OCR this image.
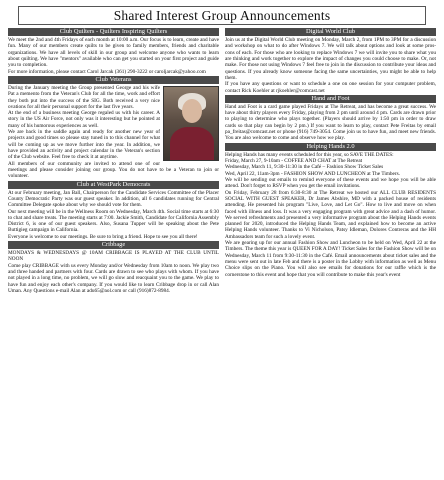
Shared Interest Group Announcements
Club Quilters - Quilters Inspiring Quilters
We meet the 2nd and 4th Fridays of each month at 10:00 a.m. Our focus is to learn, create and have fun. Many of our members create quilts to be given to family members, friends and charitable organizations. We have all levels of skill in our group and welcome anyone who wants to learn about quilting. We have "mentors" available who can get you started on your first project and guide you to completion.
For more information, please contact Carol Jarcak (361) 290-3222 or caroljarcak@yahoo.com
Club Veterans
During the January meeting the Group presented George and his wife Pat a memento from the Veteran's Club for all the time, work and effort they both put into the success of the SIG. Both received a very nice ovations for all their personal support for the last five years.
At the end of a business meeting George regaled us with his career. A story in the US Air Force, not only was it interesting but he pointed at many of his humorous experiences as well.
We are back in the saddle again and ready for another new year of projects and good times so please stay tuned in to this channel for what will be coming up as we move further into the year. In addition, we have provided an activity and project calendar in the Veteran's section of the Club website. Feel free to check it at anytime.
All members of our community are invited to attend one of our meetings and please consider joining our group. You do not have to be a Veteran to join or volunteer.
Club at WestPark Democrats
At our February meeting, Jan Ball, Chairperson for the Candidate Services Committee of the Placer County Democratic Party was our guest speaker. In addition, all 6 candidates running for Central Committee Delegate spoke about why we should vote for them.
Our next meeting will be in the Wellness Room on Wednesday, March 4th. Social time starts at 6:30 to chat and share treats. The meeting starts at 7:00. Jackie Smith, Candidate for California Assembly District 6, is one of our guest speakers. Also, Susana Tupper will be speaking about the Pete Buttigieg campaign in California.
Everyone is welcome to our meetings. Be sure to bring a friend. Hope to see you all there!
Cribbage
MONDAYS & WEDNESDAYS @ 10AM CRIBBAGE IS PLAYED AT THE CLUB UNTIL NOON
Come play CRIBBAGE with us every Monday and/or Wednesday from 10am to noon. We play two and three handed and partners with four. Cards are drawn to see who plays with whom. If you have not played in a long time, no problem, we will go slow and reacquaint you to the game. We play to have fun and enjoy each other's company. If you would like to learn Cribbage drop in or call Alan Uman. Any Questions e-mail Alan at adu65@aol.com or call (916)872-8984.
Digital World Club
Join us at the Digital World Club meeting on Monday, March 2, from 1PM to 3PM for a discussion and workshop on what to do after Windows 7. We will talk about options and look at some pros-cons of each. For those who are looking to replace Windows 7 we will invite you to share what you are thinking and work together to explore the impact of changes you could choose to make. Or, not make. For those not using Windows 7 feel free to join in the discussion to contribute your ideas and questions. If you already know someone facing the same uncertainties, you might be able to help them.
If you have any questions or want to schedule a one on one session for your computer problem, contact Rick Koehler at rjkoehler@comcast.net
Hand and Foot
Hand and Foot is a card game played Fridays at The Retreat, and has become a great success. We have about thirty players every Friday, playing from 2 pm until around 4 pm. Cards are drawn prior to playing to determine who plays together. (Players should arrive by 1:50 pm in order to draw cards so that play can begin by 2 pm.) If you want to learn to play, contact Pete Freitas by email pa_freitas@comcast.net or phone (916) 749-3054. Come join us to have fun, and meet new friends. You are also welcome to come and observe how we play.
Helping Hands 2.0
Helping Hands has many events scheduled for this year, so SAVE THE DATES:
Friday, March 27, 9-10am - COFFEE AND CHAT at The Retreat
Wednesday, March 11, 9:30-11:30 in the Café – Fashion Show Ticket Sales
Wed, April 22, 11am-3pm - FASHION SHOW AND LUNCHEON at The Timbers.
We will be sending out emails to remind everyone of these events and we hope you will be able attend. Don't forget to RSVP when you get the email invitations.
On Friday, February 28 from 6:30-8:30 at The Retreat we hosted our ALL CLUB RESIDENTS SOCIAL WITH GUEST SPEAKER, Dr James Abshire, MD with a packed house of residents attending. He presented his program "Live, Love, and Let Go". How to live and move on when faced with illness and loss. It was a very engaging program with great advice and a dash of humor. We served refreshments and presented a very informative program about the Helping Hands events planned for 2020, introduced the Helping Hands Team, and explained how to become an active Helping Hands volunteer. Thanks to Vi Nicholson, Patsy Idleman, Dolores Contreras and the HH Ambassadors team for such a lovely event.
We are gearing up for our annual Fashion Show and Luncheon to be held on Wed, April 22 at the Timbers. The theme this year is QUEEN FOR A DAY! Ticket Sales for the Fashion Show will be on Wednesday, March 11 from 9:30-11:30 in the Café. Email announcements about ticket sales and the menu were sent out in late Feb and there is a poster in the Lobby with information as well as Menu Choice slips on the Piano. You will also see emails for donations for our raffle which is the cornerstone to this event and hope that you will contribute to make this year's event
